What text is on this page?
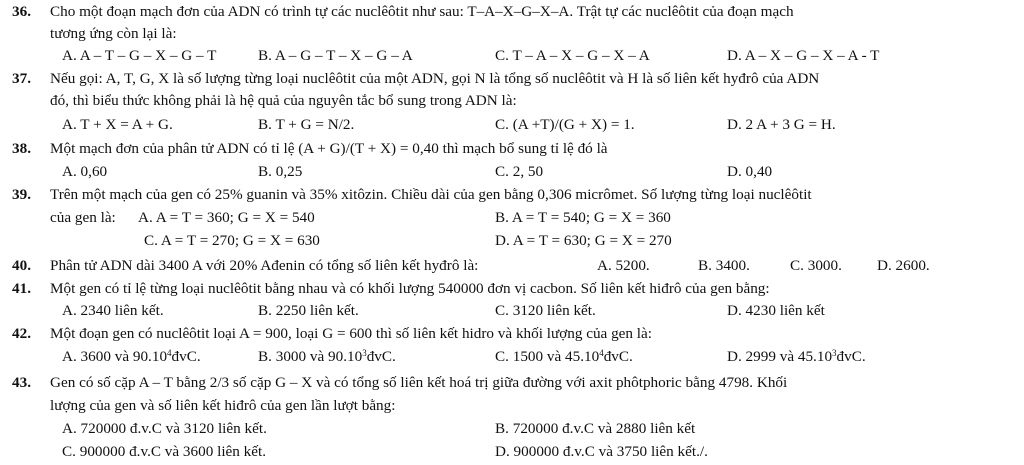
36. Cho một đoạn mạch đơn của ADN có trình tự các nuclêôtit như sau: T–A–X–G–X–A. Trật tự các nuclêôtit của đoạn mạch
tương ứng còn lại là:
A. A – T – G – X – G – T	B. A – G – T – X – G – A	C. T – A – X – G – X – A	D. A – X – G – X – A - T
37. Nếu gọi: A, T, G, X là số lượng từng loại nuclêôtit của một ADN, gọi N là tổng số nuclêôtit và H là số liên kết hyđrô của ADN
đó, thì biểu thức không phải là hệ quả của nguyên tắc bổ sung trong ADN là:
A. T + X = A + G.	B. T + G = N/2.	C. (A +T)/(G + X) = 1.	D. 2 A + 3 G = H.
38. Một mạch đơn của phân tử ADN có tỉ lệ (A + G)/(T + X) = 0,40 thì mạch bổ sung tỉ lệ đó là
A. 0,60	B. 0,25	C. 2, 50	D. 0,40
39. Trên một mạch của gen có 25% guanin và 35% xitôzin. Chiều dài của gen bằng 0,306 micrômet. Số lượng từng loại nuclêôtit
của gen là: A. A = T = 360; G = X = 540	B. A = T = 540; G = X = 360
C. A = T = 270; G = X = 630	D. A = T = 630; G = X = 270
40. Phân tử ADN dài 3400 A với 20% Ađenin có tổng số liên kết hyđrô là:	A. 5200.	B. 3400.	C. 3000. D. 2600.
41. Một gen có tỉ lệ từng loại nuclêôtit bằng nhau và có khối lượng 540000 đơn vị cacbon. Số liên kết hiđrô của gen bằng:
A. 2340 liên kết.	B. 2250 liên kết.	C. 3120 liên kết.	D. 4230 liên kết
42. Một đoạn gen có nuclêôtit loại A = 900, loại G = 600 thì số liên kết hidro và khối lượng của gen là:
A. 3600 và 90.10$^4$đvC.	B. 3000 và 90.10$^3$đvC.	C. 1500 và 45.10$^4$đvC.	D. 2999 và 45.10$^3$đvC.
43. Gen có số cặp A – T bằng 2/3 số cặp G – X và có tổng số liên kết hoá trị giữa đường với axit phôtphoric bằng 4798. Khối
lượng của gen và số liên kết hiđrô của gen lần lượt bằng:
A. 720000 đ.v.C và 3120 liên kết.	B. 720000 đ.v.C và 2880 liên kết
C. 900000 đ.v.C và 3600 liên kết.	D. 900000 đ.v.C và 3750 liên kết./.
